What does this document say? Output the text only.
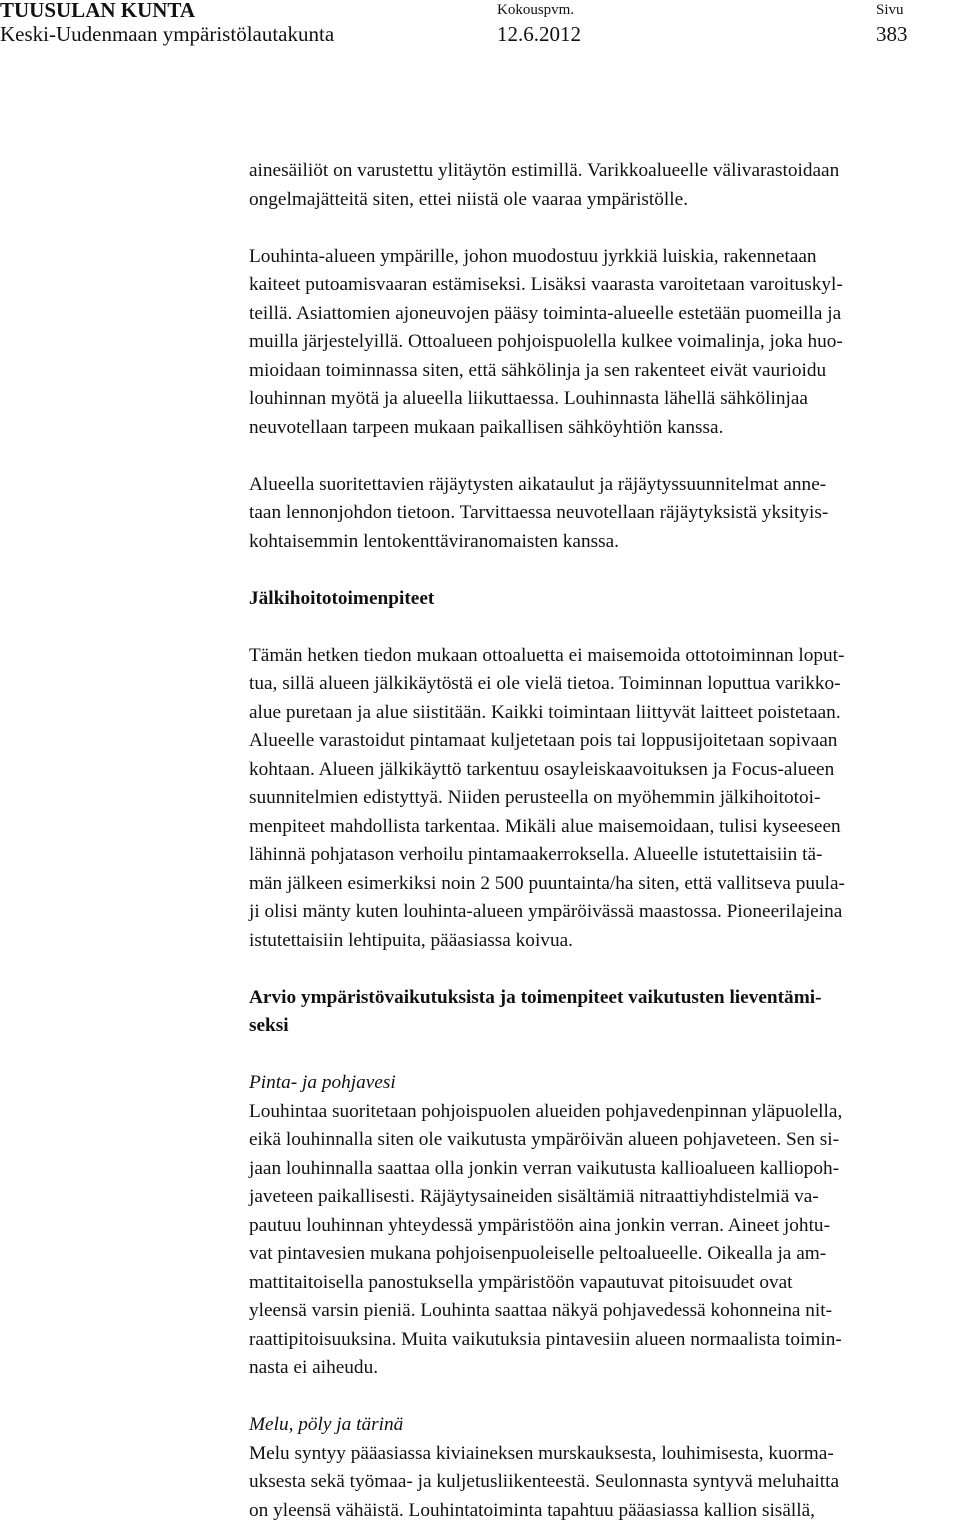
TUUSULAN KUNTA
Keski-Uudenmaan ympäristölautakunta
Kokouspvm.
12.6.2012
Sivu
383

ainesäiliöt on varustettu ylitäytön estimillä. Varikkoalueelle välivarastoidaan
ongelmajätteitä siten, ettei niistä ole vaaraa ympäristölle.

Louhinta-alueen ympärille, johon muodostuu jyrkkiä luiskia, rakennetaan
kaiteet putoamisvaaran estämiseksi. Lisäksi vaarasta varoitetaan varoituskyl-
teillä. Asiattomien ajoneuvojen pääsy toiminta-alueelle estetään puomeilla ja
muilla järjestelyillä. Ottoalueen pohjoispuolella kulkee voimalinja, joka huo-
mioidaan toiminnassa siten, että sähkölinja ja sen rakenteet eivät vaurioidu
louhinnan myötä ja alueella liikuttaessa. Louhinnasta lähellä sähkölinjaa
neuvotellaan tarpeen mukaan paikallisen sähköyhtiön kanssa.

Alueella suoritettavien räjäytysten aikataulut ja räjäytyssuunnitelmat anne-
taan lennonjohdon tietoon. Tarvittaessa neuvotellaan räjäytyksistä yksityis-
kohtaisemmin lentokenttäviranomaisten kanssa.

Jälkihoitotoimenpiteet

Tämän hetken tiedon mukaan ottoaluetta ei maisemoida ottotoiminnan loput-
tua, sillä alueen jälkikäytöstä ei ole vielä tietoa. Toiminnan loputtua varikko-
alue puretaan ja alue siistitään. Kaikki toimintaan liittyvät laitteet poistetaan.
Alueelle varastoidut pintamaat kuljetetaan pois tai loppusijoitetaan sopivaan
kohtaan. Alueen jälkikäyttö tarkentuu osayleiskaavoituksen ja Focus-alueen
suunnitelmien edistyttyä. Niiden perusteella on myöhemmin jälkihoitotoi-
menpiteet mahdollista tarkentaa. Mikäli alue maisemoidaan, tulisi kyseeseen
lähinnä pohjatason verhoilu pintamaakerroksella. Alueelle istutettaisiin tä-
män jälkeen esimerkiksi noin 2 500 puuntainta/ha siten, että vallitseva puula-
ji olisi mänty kuten louhinta-alueen ympäröivässä maastossa. Pioneerilajeina
istutettaisiin lehtipuita, pääasiassa koivua.

Arvio ympäristövaikutuksista ja toimenpiteet vaikutusten lieventämi-
seksi
Pinta- ja pohjavesi

Louhintaa suoritetaan pohjoispuolen alueiden pohjavedenpinnan yläpuolella,
eikä louhinnalla siten ole vaikutusta ympäröivän alueen pohjaveteen. Sen si-
jaan louhinnalla saattaa olla jonkin verran vaikutusta kallioalueen kalliopoh-
javeteen paikallisesti. Räjäytysaineiden sisältämiä nitraattiyhdistelmiä va-
pautuu louhinnan yhteydessä ympäristöön aina jonkin verran. Aineet johtu-
vat pintavesien mukana pohjoisenpuoleiselle peltoalueelle. Oikealla ja am-
mattitaitoisella panostuksella ympäristöön vapautuvat pitoisuudet ovat
yleensä varsin pieniä. Louhinta saattaa näkyä pohjavedessä kohonneina nit-
raattipitoisuuksina. Muita vaikutuksia pintavesiin alueen normaalista toimin-
nasta ei aiheudu.

Melu, pöly ja tärinä

Melu syntyy pääasiassa kiviaineksen murskauksesta, louhimisesta, kuorma-
uksesta sekä työmaa- ja kuljetusliikenteestä. Seulonnasta syntyvä meluhaitta
on yleensä vähäistä. Louhintatoiminta tapahtuu pääasiassa kallion sisällä,
